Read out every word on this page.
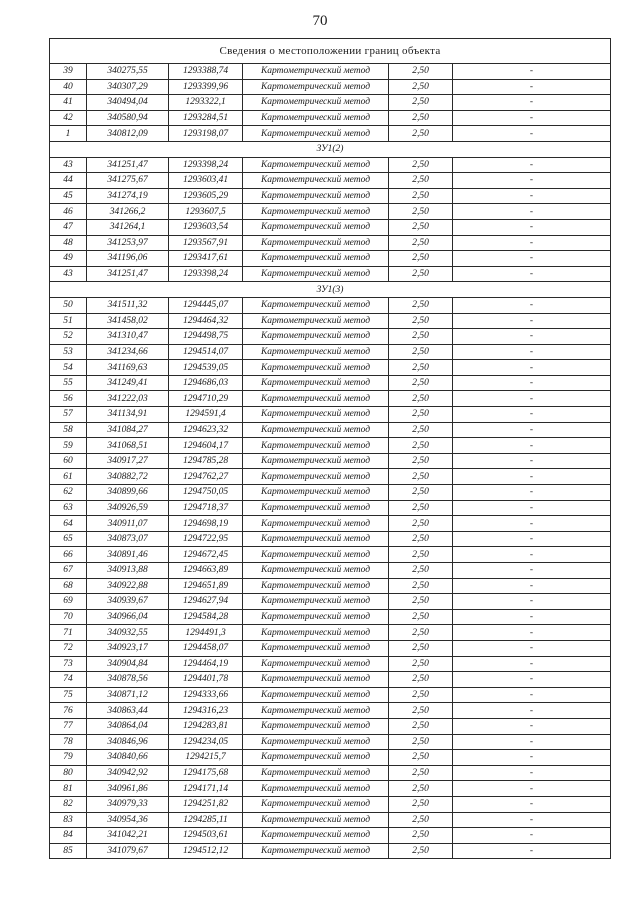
70
Сведения о местоположении границ объекта					
39	340275,55	1293388,74	Картометрический метод	2,50	-
40	340307,29	1293399,96	Картометрический метод	2,50	-
41	340494,04	1293322,1	Картометрический метод	2,50	-
42	340580,94	1293284,51	Картометрический метод	2,50	-
1	340812,09	1293198,07	Картометрический метод	2,50	-
ЗУ1(2)					
43	341251,47	1293398,24	Картометрический метод	2,50	-
44	341275,67	1293603,41	Картометрический метод	2,50	-
45	341274,19	1293605,29	Картометрический метод	2,50	-
46	341266,2	1293607,5	Картометрический метод	2,50	-
47	341264,1	1293603,54	Картометрический метод	2,50	-
48	341253,97	1293567,91	Картометрический метод	2,50	-
49	341196,06	1293417,61	Картометрический метод	2,50	-
43	341251,47	1293398,24	Картометрический метод	2,50	-
ЗУ1(3)					
50	341511,32	1294445,07	Картометрический метод	2,50	-
51	341458,02	1294464,32	Картометрический метод	2,50	-
52	341310,47	1294498,75	Картометрический метод	2,50	-
53	341234,66	1294514,07	Картометрический метод	2,50	-
54	341169,63	1294539,05	Картометрический метод	2,50	-
55	341249,41	1294686,03	Картометрический метод	2,50	-
56	341222,03	1294710,29	Картометрический метод	2,50	-
57	341134,91	1294591,4	Картометрический метод	2,50	-
58	341084,27	1294623,32	Картометрический метод	2,50	-
59	341068,51	1294604,17	Картометрический метод	2,50	-
60	340917,27	1294785,28	Картометрический метод	2,50	-
61	340882,72	1294762,27	Картометрический метод	2,50	-
62	340899,66	1294750,05	Картометрический метод	2,50	-
63	340926,59	1294718,37	Картометрический метод	2,50	-
64	340911,07	1294698,19	Картометрический метод	2,50	-
65	340873,07	1294722,95	Картометрический метод	2,50	-
66	340891,46	1294672,45	Картометрический метод	2,50	-
67	340913,88	1294663,89	Картометрический метод	2,50	-
68	340922,88	1294651,89	Картометрический метод	2,50	-
69	340939,67	1294627,94	Картометрический метод	2,50	-
70	340966,04	1294584,28	Картометрический метод	2,50	-
71	340932,55	1294491,3	Картометрический метод	2,50	-
72	340923,17	1294458,07	Картометрический метод	2,50	-
73	340904,84	1294464,19	Картометрический метод	2,50	-
74	340878,56	1294401,78	Картометрический метод	2,50	-
75	340871,12	1294333,66	Картометрический метод	2,50	-
76	340863,44	1294316,23	Картометрический метод	2,50	-
77	340864,04	1294283,81	Картометрический метод	2,50	-
78	340846,96	1294234,05	Картометрический метод	2,50	-
79	340840,66	1294215,7	Картометрический метод	2,50	-
80	340942,92	1294175,68	Картометрический метод	2,50	-
81	340961,86	1294171,14	Картометрический метод	2,50	-
82	340979,33	1294251,82	Картометрический метод	2,50	-
83	340954,36	1294285,11	Картометрический метод	2,50	-
84	341042,21	1294503,61	Картометрический метод	2,50	-
85	341079,67	1294512,12	Картометрический метод	2,50	-
